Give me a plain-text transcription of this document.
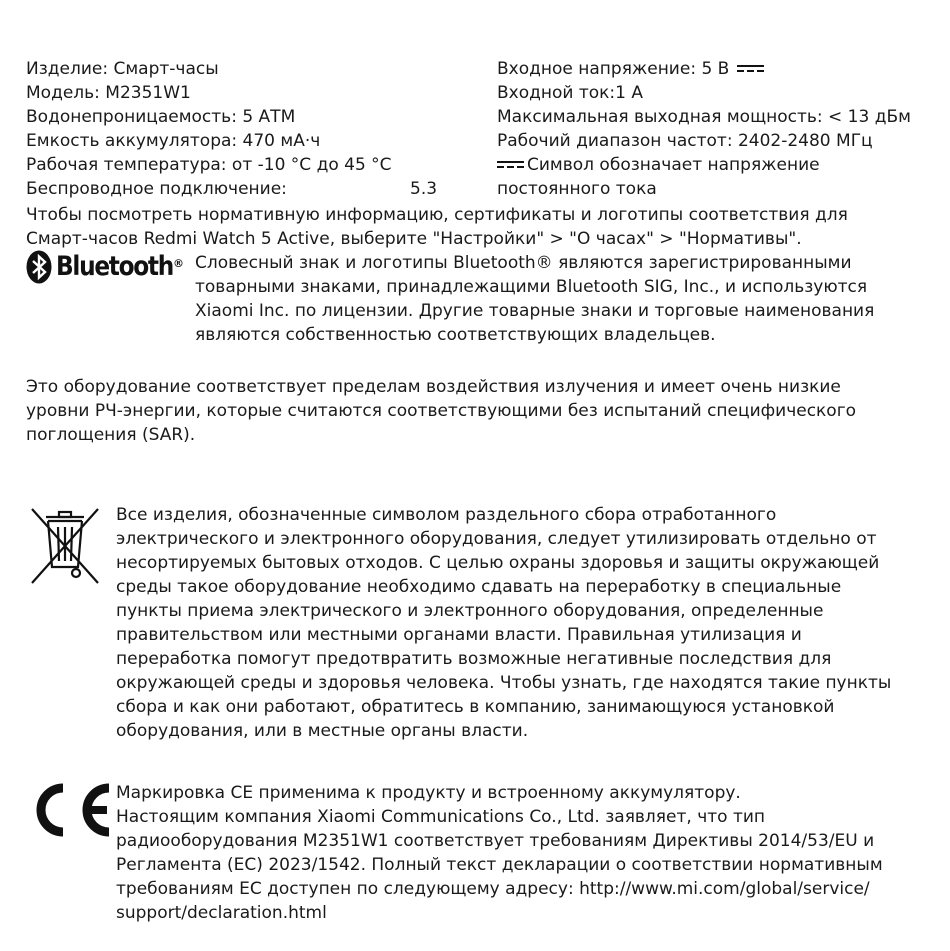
Изделие: Смарт-часы
Модель: M2351W1
Водонепроницаемость: 5 АТМ
Емкость аккумулятора: 470 мА·ч
Рабочая температура: от -10 °C до 45 °C
Беспроводное подключение:	5.3
Входное напряжение: 5 В
Входной ток:1 А
Максимальная выходная мощность: < 13 дБм
Рабочий диапазон частот: 2402-2480 МГц
Символ обозначает напряжение
постоянного тока
Чтобы посмотреть нормативную информацию, сертификаты и логотипы соответствия для
Смарт-часов Redmi Watch 5 Active, выберите "Настройки" > "О часах" > "Нормативы".
Bluetooth ® Словесный знак и логотипы Bluetooth® являются зарегистрированными
товарными знаками, принадлежащими Bluetooth SIG, Inc., и используются
Xiaomi Inc. по лицензии. Другие товарные знаки и торговые наименования
являются собственностью соответствующих владельцев.
Это оборудование соответствует пределам воздействия излучения и имеет очень низкие
уровни РЧ-энергии, которые считаются соответствующими без испытаний специфического
поглощения (SAR).
Все изделия, обозначенные символом раздельного сбора отработанного
электрического и электронного оборудования, следует утилизировать отдельно от
несортируемых бытовых отходов. С целью охраны здоровья и защиты окружающей
среды такое оборудование необходимо сдавать на переработку в специальные
пункты приема электрического и электронного оборудования, определенные
правительством или местными органами власти. Правильная утилизация и
переработка помогут предотвратить возможные негативные последствия для
окружающей среды и здоровья человека. Чтобы узнать, где находятся такие пункты
сбора и как они работают, обратитесь в компанию, занимающуюся установкой
оборудования, или в местные органы власти.
Маркировка CE применима к продукту и встроенному аккумулятору.
Настоящим компания Xiaomi Communications Co., Ltd. заявляет, что тип
радиооборудования M2351W1 соответствует требованиям Директивы 2014/53/EU и
Регламента (EC) 2023/1542. Полный текст декларации о соответствии нормативным
требованиям ЕС доступен по следующему адресу: http://www.mi.com/global/service/
support/declaration.html
